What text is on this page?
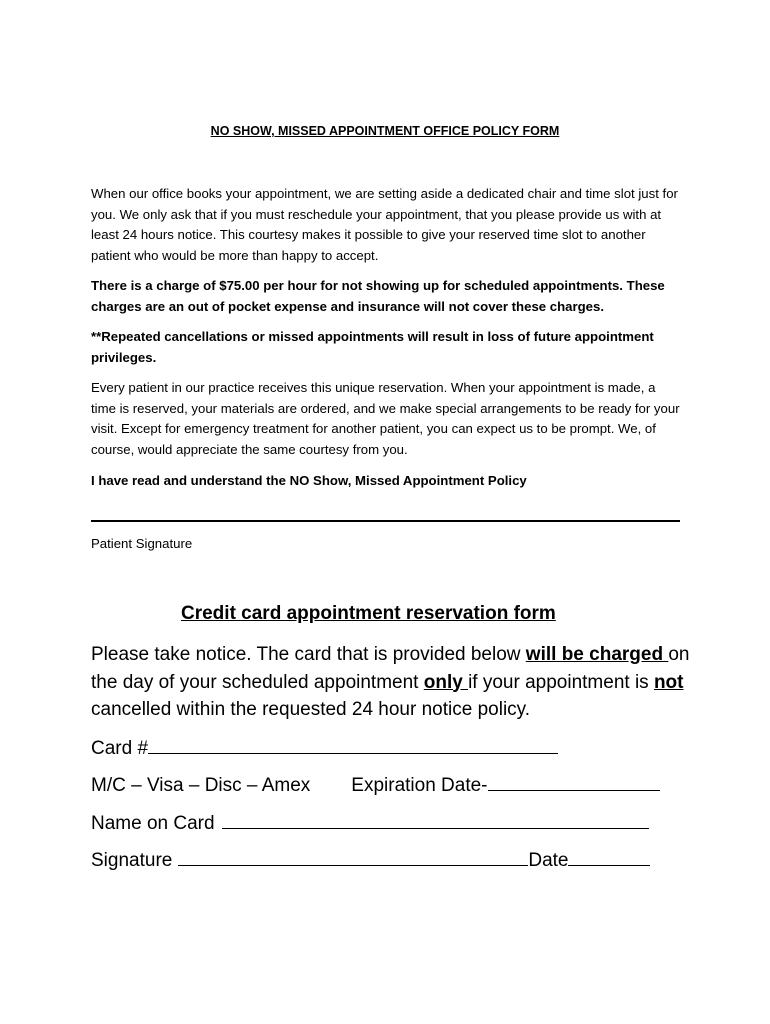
NO SHOW, MISSED APPOINTMENT OFFICE POLICY FORM
When our office books your appointment, we are setting aside a dedicated chair and time slot just for you. We only ask that if you must reschedule your appointment, that you please provide us with at least 24 hours notice. This courtesy makes it possible to give your reserved time slot to another patient who would be more than happy to accept.
There is a charge of $75.00 per hour for not showing up for scheduled appointments. These charges are an out of pocket expense and insurance will not cover these charges.
**Repeated cancellations or missed appointments will result in loss of future appointment privileges.
Every patient in our practice receives this unique reservation. When your appointment is made, a time is reserved, your materials are ordered, and we make special arrangements to be ready for your visit. Except for emergency treatment for another patient, you can expect us to be prompt. We, of course, would appreciate the same courtesy from you.
I have read and understand the NO Show, Missed Appointment Policy
Patient Signature
Credit card appointment reservation form
Please take notice. The card that is provided below will be charged on the day of your scheduled appointment only if your appointment is not cancelled within the requested 24 hour notice policy.
Card #
M/C – Visa – Disc – Amex Expiration Date-
Name on Card
Signature	Date
